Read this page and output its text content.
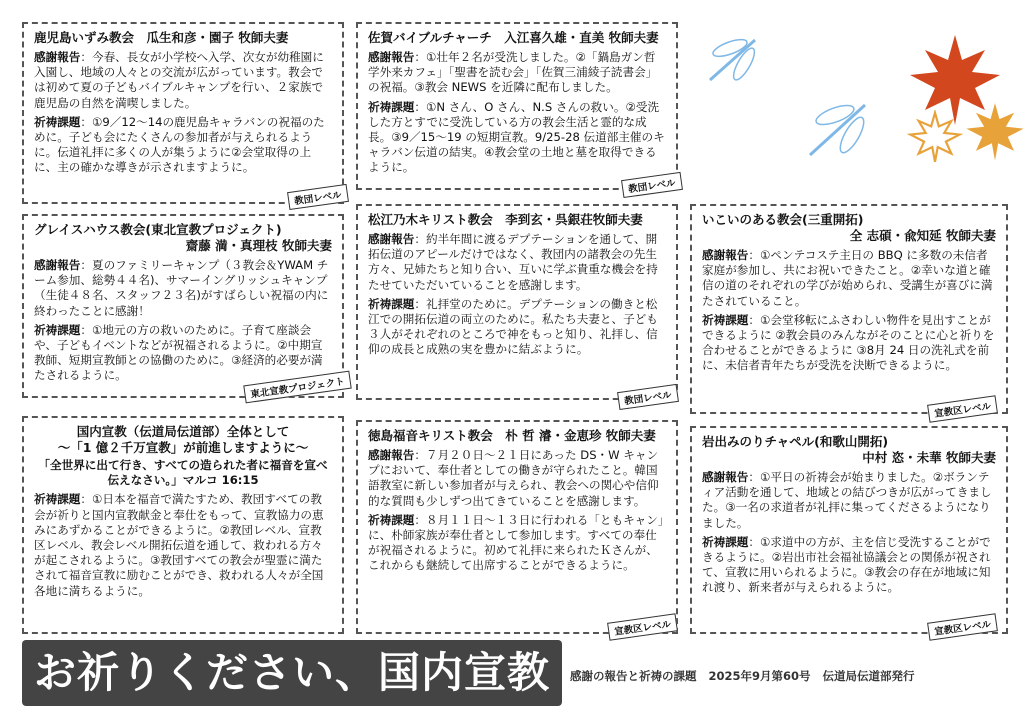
鹿児島いずみ教会　瓜生和彦・園子 牧師夫妻

感謝報告：今春、長女が小学校へ入学、次女が幼稚園に入園し、地域の人々との交流が広がっています。教会では初めて夏の子どもバイブルキャンプを行い、２家族で鹿児島の自然を満喫しました。

祈祷課題：①9／12～14の鹿児島キャラバンの祝福のために。子ども会にたくさんの参加者が与えられるように。伝道礼拝に多くの人が集うように②会堂取得の上に、主の確かな導きが示されますように。

教団レベル

佐賀バイブルチャーチ　入江喜久雄・直美 牧師夫妻

感謝報告：①壮年２名が受洗しました。②「鍋島ガン哲学外来カフェ」「聖書を読む会」「佐賀三浦綾子読書会」の祝福。③教会 NEWS を近隣に配布しました。

祈祷課題：①N さん、O さん、N.S さんの救い。②受洗した方とすでに受洗している方の教会生活と霊的な成長。③9／15～19 の短期宣教。9/25-28 伝道部主催のキャラバン伝道の結実。④教会堂の土地と墓を取得できるように。

教団レベル

グレイスハウス教会(東北宣教プロジェクト)

齋藤 満・真理枝 牧師夫妻

感謝報告：夏のファミリーキャンプ（３教会＆YWAM チーム参加、総勢４４名)、サマーイングリッシュキャンプ（生徒４８名、スタッフ２３名)がすばらしい祝福の内に終わったことに感謝！

祈祷課題：①地元の方の救いのために。子育て座談会や、子どもイベントなどが祝福されるように。②中期宣教師、短期宣教師との協働のために。③経済的必要が満たされるように。

東北宣教プロジェクト

松江乃木キリスト教会　李到玄・呉銀荘牧師夫妻

感謝報告：約半年間に渡るデプテーションを通して、開拓伝道のアピールだけではなく、教団内の諸教会の先生方々、兄姉たちと知り合い、互いに学ぶ貴重な機会を持たせていただいていることを感謝します。

祈祷課題：礼拝堂のために。デプテーションの働きと松江での開拓伝道の両立のために。私たち夫妻と、子ども３人がそれぞれのところで神をもっと知り、礼拝し、信仰の成長と成熟の実を豊かに結ぶように。

教団レベル

いこいのある教会(三重開拓)

全 志碩・兪知延 牧師夫妻

感謝報告：①ペンテコステ主日の BBQ に多数の未信者家庭が参加し、共にお祝いできたこと。②幸いな道と確信の道のそれぞれの学びが始められ、受講生が喜びに満たされていること。

祈祷課題：①会堂移転にふさわしい物件を見出すことができるように ②教会員のみんながそのことに心と祈りを合わせることができるように ③8月 24 日の洗礼式を前に、未信者青年たちが受洗を決断できるように。

宣教区レベル

国内宣教（伝道局伝道部）全体として

～「1 億２千万宣教」が前進しますように～

「全世界に出て行き、すべての造られた者に福音を宣べ伝えなさい。」マルコ 16:15

祈祷課題：①日本を福音で満たすため、教団すべての教会が祈りと国内宣教献金と奉仕をもって、宣教協力の恵みにあずかることができるように。②教団レベル、宣教区レベル、教会レベル開拓伝道を通して、救われる方々が起こされるように。③教団すべての教会が聖霊に満たされて福音宣教に励むことができ、救われる人々が全国各地に満ちるように。

徳島福音キリスト教会　朴 哲 濬・金恵珍 牧師夫妻

感謝報告：７月２０日～２１日にあった DS・W キャンプにおいて、奉仕者としての働きが守られたこと。韓国語教室に新しい参加者が与えられ、教会への関心や信仰的な質問も少しずつ出てきていることを感謝します。

祈祷課題：８月１１日～１３日に行われる「ともキャン」に、朴師家族が奉仕者として参加します。すべての奉仕が祝福されるように。初めて礼拝に来られたＫさんが、これからも継続して出席することができるように。

宣教区レベル

岩出みのりチャペル(和歌山開拓)

中村 恣・未華 牧師夫妻

感謝報告：①平日の祈祷会が始まりました。②ボランティア活動を通して、地域との結びつきが広がってきました。③一名の求道者が礼拝に集ってくださるようになりました。

祈祷課題：①求道中の方が、主を信じ受洗することができるように。②岩出市社会福祉協議会との関係が祝されて、宣教に用いられるように。③教会の存在が地域に知れ渡り、新来者が与えられるように。

宣教区レベル
お祈りください、国内宣教	感謝の報告と祈祷の課題 2025年9月第60号 伝道局伝道部発行
